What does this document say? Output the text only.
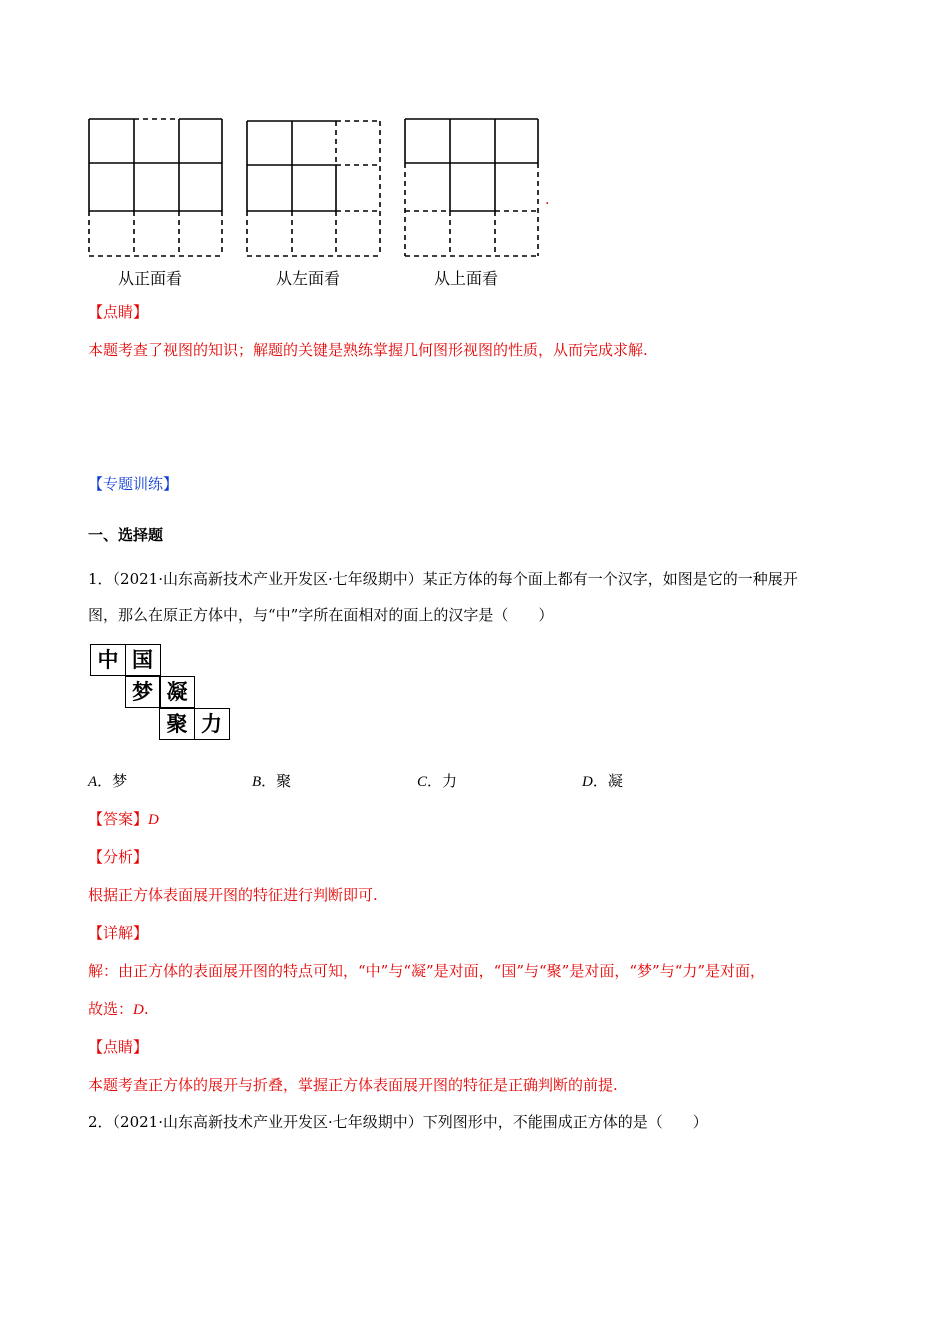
从正面看	从左面看	从上面看
.
【点睛】
本题考查了视图的知识；解题的关键是熟练掌握几何图形视图的性质，从而完成求解.
【专题训练】
一、选择题
1．（2021·山东高新技术产业开发区·七年级期中）某正方体的每个面上都有一个汉字，如图是它的一种展开
图，那么在原正方体中，与“中”字所在面相对的面上的汉字是（　　）
中 国
梦 凝
聚 力
A．梦	B．聚	C．力	D．凝
【答案】D
【分析】
根据正方体表面展开图的特征进行判断即可.
【详解】
解：由正方体的表面展开图的特点可知，“中”与“凝”是对面，“国”与“聚”是对面，“梦”与“力”是对面，
故选：D.
【点睛】
本题考查正方体的展开与折叠，掌握正方体表面展开图的特征是正确判断的前提.
2．（2021·山东高新技术产业开发区·七年级期中）下列图形中，不能围成正方体的是（　　）
